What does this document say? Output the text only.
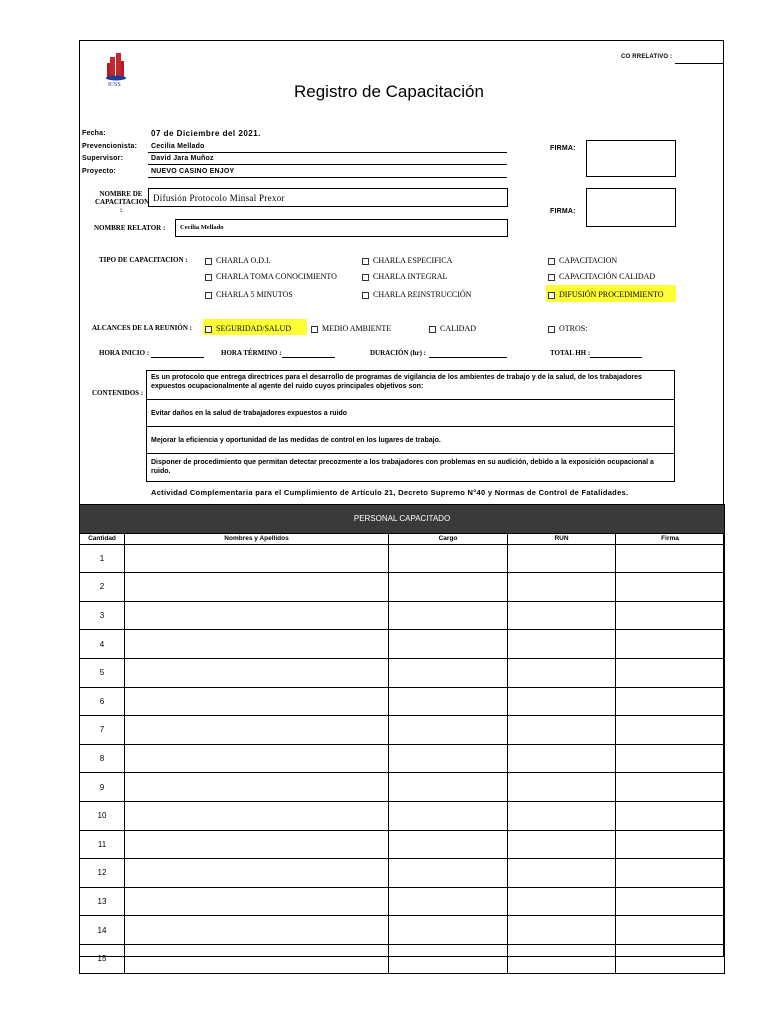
CO RRELATIVO :
ICSS	Registro de Capacitación
Fecha:	07 de Diciembre del 2021.
Prevencionista: Cecilia Mellado
Supervisor:	David Jara Muñoz
Proyecto:	NUEVO CASINO ENJOY
FIRMA:
NOMBRE DE
CAPACITACION :
Difusión Protocolo Minsal Prexor
FIRMA:
NOMBRE RELATOR : Cecilia Mellado
TIPO DE CAPACITACION :	CHARLA O.D.I.	CHARLA ESPECIFICA	CAPACITACION
CHARLA TOMA CONOCIMIENTO	CHARLA INTEGRAL	CAPACITACIÓN CALIDAD
CHARLA 5 MINUTOS	CHARLA REINSTRUCCIÓN	DIFUSIÓN PROCEDIMIENTO
ALCANCES DE LA REUNIÓN :	SEGURIDAD/SALUD	MEDIO AMBIENTE	CALIDAD	OTROS:
HORA INICIO :	HORA TÉRMINO :	DURACIÓN (hr) :	TOTAL HH :
CONTENIDOS :
Es un protocolo que entrega directrices para el desarrollo de programas de vigilancia de los ambientes de trabajo y de la salud, de los trabajadores expuestos ocupacionalmente al agente del ruido cuyos principales objetivos son:
Evitar daños en la salud de trabajadores expuestos a ruido
Mejorar la eficiencia y oportunidad de las medidas de control en los lugares de trabajo.
Disponer de procedimiento que permitan detectar precozmente a los trabajadores con problemas en su audición, debido a la exposición ocupacional a ruido.
Actividad Complementaria para el Cumplimiento de Artículo 21, Decreto Supremo N°40 y Normas de Control de Fatalidades.
PERSONAL CAPACITADO				
Cantidad	Nombres y Apellidos	Cargo	RUN	Firma
1				
2				
3				
4				
5				
6				
7				
8				
9				
10				
11				
12				
13				
14				
15				
